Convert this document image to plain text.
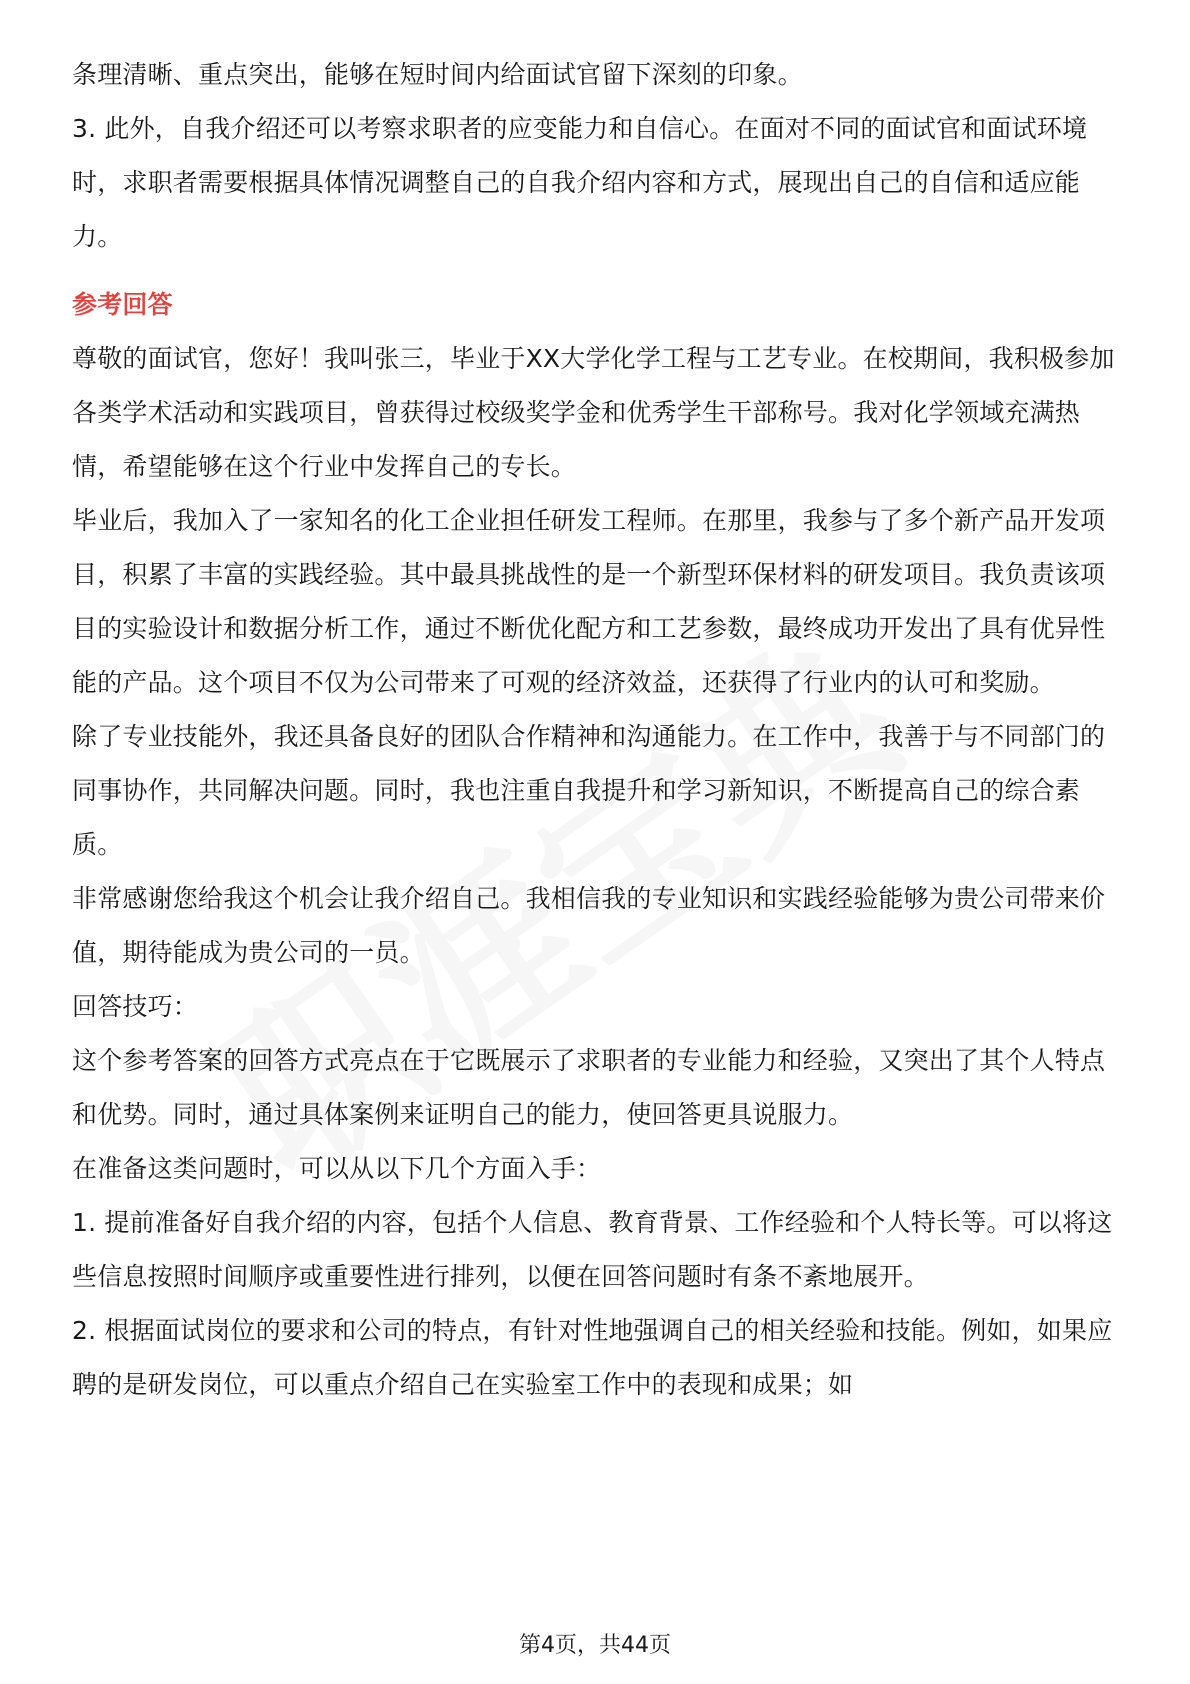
条理清晰、重点突出，能够在短时间内给面试官留下深刻的印象。

3. 此外，自我介绍还可以考察求职者的应变能力和自信心。在面对不同的面试官和面试环境时，求职者需要根据具体情况调整自己的自我介绍内容和方式，展现出自己的自信和适应能力。

参考回答

尊敬的面试官，您好！我叫张三，毕业于XX大学化学工程与工艺专业。在校期间，我积极参加各类学术活动和实践项目，曾获得过校级奖学金和优秀学生干部称号。我对化学领域充满热情，希望能够在这个行业中发挥自己的专长。

毕业后，我加入了一家知名的化工企业担任研发工程师。在那里，我参与了多个新产品开发项目，积累了丰富的实践经验。其中最具挑战性的是一个新型环保材料的研发项目。我负责该项目的实验设计和数据分析工作，通过不断优化配方和工艺参数，最终成功开发出了具有优异性能的产品。这个项目不仅为公司带来了可观的经济效益，还获得了行业内的认可和奖励。

除了专业技能外，我还具备良好的团队合作精神和沟通能力。在工作中，我善于与不同部门的同事协作，共同解决问题。同时，我也注重自我提升和学习新知识，不断提高自己的综合素质。

非常感谢您给我这个机会让我介绍自己。我相信我的专业知识和实践经验能够为贵公司带来价值，期待能成为贵公司的一员。

回答技巧：

这个参考答案的回答方式亮点在于它既展示了求职者的专业能力和经验，又突出了其个人特点和优势。同时，通过具体案例来证明自己的能力，使回答更具说服力。

在准备这类问题时，可以从以下几个方面入手：

1. 提前准备好自我介绍的内容，包括个人信息、教育背景、工作经验和个人特长等。可以将这些信息按照时间顺序或重要性进行排列，以便在回答问题时有条不紊地展开。

2. 根据面试岗位的要求和公司的特点，有针对性地强调自己的相关经验和技能。例如，如果应聘的是研发岗位，可以重点介绍自己在实验室工作中的表现和成果；如

第4页，共44页
